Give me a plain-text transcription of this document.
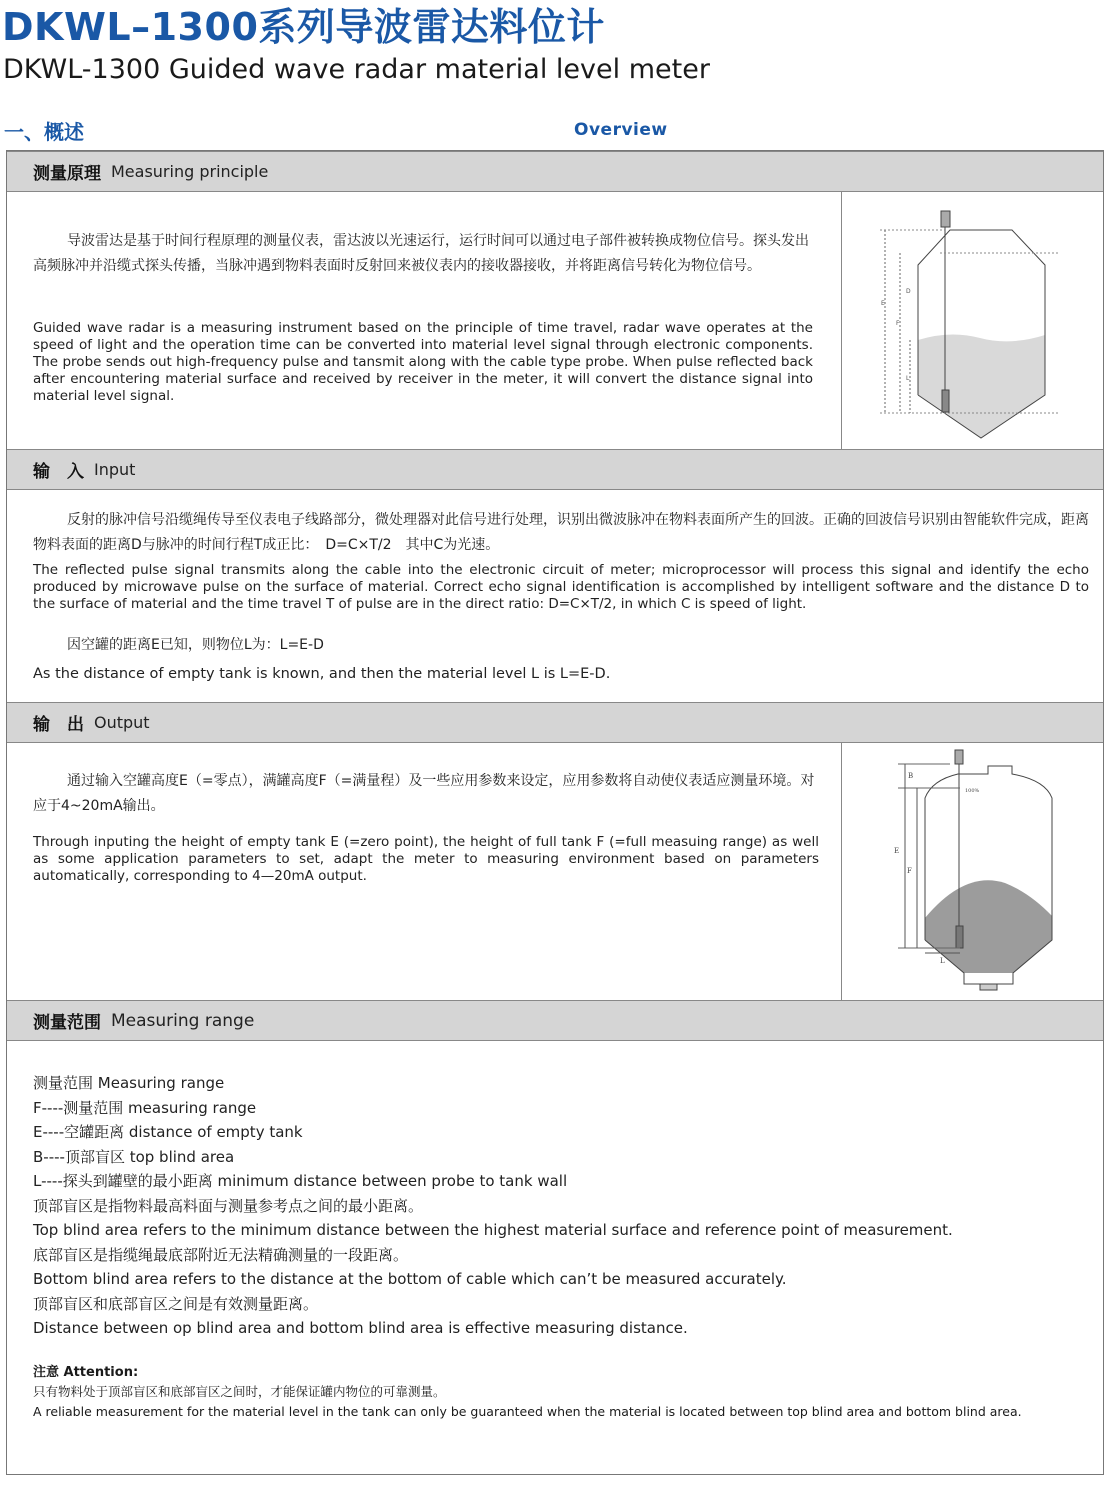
DKWL–1300系列导波雷达料位计
DKWL-1300 Guided wave radar material level meter
一、概述	Overview
测量原理 Measuring principle

导波雷达是基于时间行程原理的测量仪表，雷达波以光速运行，运行时间可以通过电子部件被转换成物位信号。探头发出高频脉冲并沿缆式探头传播，当脉冲遇到物料表面时反射回来被仪表内的接收器接收，并将距离信号转化为物位信号。

Guided wave radar is a measuring instrument based on the principle of time travel, radar wave operates at the speed of light and the operation time can be converted into material level signal through electronic components. The probe sends out high-frequency pulse and tansmit along with the cable type probe. When pulse reflected back after encountering material surface and received by receiver in the meter, it will convert the distance signal into material level signal.

E
F
D
L
输　入 Input

反射的脉冲信号沿缆绳传导至仪表电子线路部分，微处理器对此信号进行处理，识别出微波脉冲在物料表面所产生的回波。正确的回波信号识别由智能软件完成，距离物料表面的距离D与脉冲的时间行程T成正比：　D=C×T/2　其中C为光速。

The reflected pulse signal transmits along the cable into the electronic circuit of meter; microprocessor will process this signal and identify the echo produced by microwave pulse on the surface of material. Correct echo signal identification is accomplished by intelligent software and the distance D to the surface of material and the time travel T of pulse are in the direct ratio: D=C×T/2, in which C is speed of light.

因空罐的距离E已知，则物位L为：L=E-D

As the distance of empty tank is known, and then the material level L is L=E-D.

输　出 Output

通过输入空罐高度E（=零点），满罐高度F（=满量程）及一些应用参数来设定，应用参数将自动使仪表适应测量环境。对应于4~20mA输出。

Through inputing the height of empty tank E (=zero point), the height of full tank F (=full measuing range) as well as some application parameters to set, adapt the meter to measuring environment based on parameters automatically, corresponding to 4—20mA output.

B
E
F
L
100%
测量范围 Measuring range

测量范围 Measuring range

F----测量范围 measuring range

E----空罐距离 distance of empty tank

B----顶部盲区 top blind area

L----探头到罐壁的最小距离 minimum distance between probe to tank wall

顶部盲区是指物料最高料面与测量参考点之间的最小距离。

Top blind area refers to the minimum distance between the highest material surface and reference point of measurement.

底部盲区是指缆绳最底部附近无法精确测量的一段距离。

Bottom blind area refers to the distance at the bottom of cable which can’t be measured accurately.

顶部盲区和底部盲区之间是有效测量距离。

Distance between op blind area and bottom blind area is effective measuring distance.

注意 Attention:

只有物料处于顶部盲区和底部盲区之间时，才能保证罐内物位的可靠测量。

A reliable measurement for the material level in the tank can only be guaranteed when the material is located between top blind area and bottom blind area.
